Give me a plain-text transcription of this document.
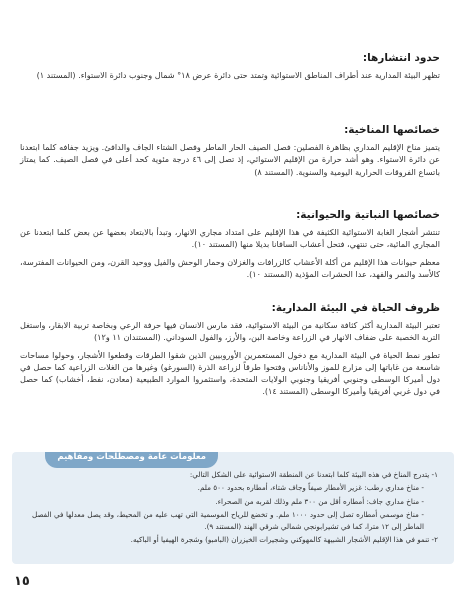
حدود انتشارها:
تظهر البيئة المدارية عند أطراف المناطق الاستوائية وتمتد حتى دائرة عرض ١٨° شمال وجنوب دائرة الاستواء. (المستند ١)
خصائصها المناخية:
يتميز مناخ الإقليم المداري بظاهرة الفصلين: فصل الصيف الحار الماطر وفصل الشتاء الجاف والدافئ. ويزيد جفافه كلما ابتعدنا عن دائرة الاستواء. وهو أشد حرارة من الإقليم الاستوائي، إذ تصل إلى ٤٦ درجة مئوية كحد أعلى في فصل الصيف. كما يمتاز باتساع الفروقات الحرارية اليومية والسنوية. (المستند ٨)
خصائصها النباتية والحيوانية:
تنتشر أشجار الغابة الاستوائية الكثيفة في هذا الإقليم على امتداد مجاري الانهار، وتبدأ بالابتعاد بعضها عن بعض كلما ابتعدنا عن المجاري المائية، حتى تنتهي، فتحل أعشاب السافانا بديلا منها (المستند ١٠).
معظم حيوانات هذا الإقليم من أكلة الأعشاب كالزرافات والغزلان وحمار الوحش والفيل ووحيد القرن، ومن الحيوانات المفترسة، كالأسد والنمر والفهد، عدا الحشرات المؤذية (المستند ١٠).
ظروف الحياة في البيئة المدارية:
تعتبر البيئة المدارية أكثر كثافة سكانية من البيئة الاستوائية، فقد مارس الانسان فيها حرفة الرعي وبخاصة تربية الابقار، واستغل التربة الخصبة على ضفاف الانهار في الزراعة وخاصة البن، والأرز، والفول السوداني. (المستندان ١١ و١٢)
تطور نمط الحياة في البيئة المدارية مع دخول المستعمرين الأوروبيين الذين شقوا الطرقات وقطعوا الأشجار، وحولوا مساحات شاسعة من غاباتها إلى مزارع للموز والأناناس وفتحوا طرقاً لزراعة الذرة (السورغو) وغيرها من الغلات الزراعية كما حصل في دول أميركا الوسطى وجنوبي أفريقيا وجنوبي الولايات المتحدة، واستثمروا الموارد الطبيعية (معادن، نفط، أخشاب) كما حصل في دول غربي أفريقيا وأميركا الوسطى (المستند ١٤).
معلومات عامة ومصطلحات ومفاهيم
١- يتدرج المناخ في هذه البيئة كلما ابتعدنا عن المنطقة الاستوائية على الشكل التالي:
- مناخ مداري رطب: غزير الأمطار صيفاً وجاف شتاء، أمطاره بحدود ٥٠٠ ملم.
- مناخ مداري جاف: أمطاره أقل من ٣٠٠ ملم وذلك لقربه من الصحراء.
- مناخ موسمي أمطاره تصل إلى حدود ١٠٠٠ ملم. و تخضع للرياح الموسمية التي تهب عليه من المحيط، وقد يصل معدلها في الفصل الماطر إلى ١٢ مترا، كما في تشيرابونجي شمالي شرقي الهند (المستند ٩).
٢- تنمو في هذا الإقليم الأشجار الشبيهة كالمهوكني وشجيرات الخيزران (البامبو) وشجرة الهيفيا أو الباكيه.
١٥
